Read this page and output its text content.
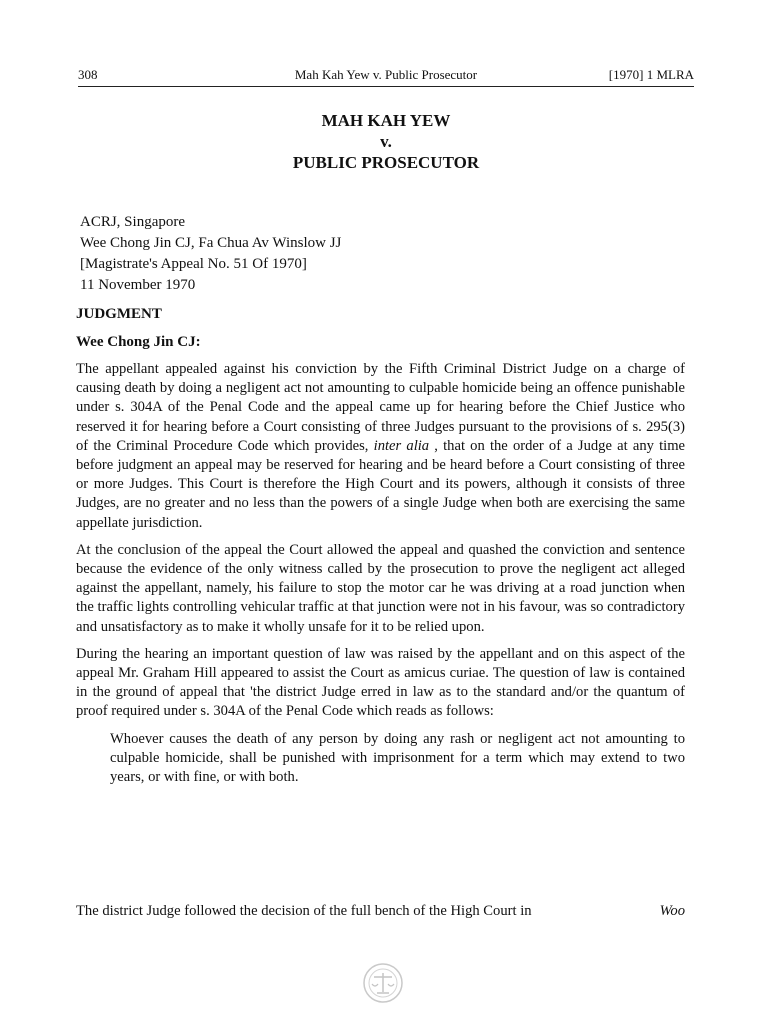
308	Mah Kah Yew v. Public Prosecutor	[1970] 1 MLRA
MAH KAH YEW
v.
PUBLIC PROSECUTOR
ACRJ, Singapore
Wee Chong Jin CJ, Fa Chua Av Winslow JJ
[Magistrate's Appeal No. 51 Of 1970]
11 November 1970
JUDGMENT
Wee Chong Jin CJ:

The appellant appealed against his conviction by the Fifth Criminal District Judge on a charge of causing death by doing a negligent act not amounting to culpable homicide being an offence punishable under s. 304A of the Penal Code and the appeal came up for hearing before the Chief Justice who reserved it for hearing before a Court consisting of three Judges pursuant to the provisions of s. 295(3) of the Criminal Procedure Code which provides, inter alia , that on the order of a Judge at any time before judgment an appeal may be reserved for hearing and be heard before a Court consisting of three or more Judges. This Court is therefore the High Court and its powers, although it consists of three Judges, are no greater and no less than the powers of a single Judge when both are exercising the same appellate jurisdiction.

At the conclusion of the appeal the Court allowed the appeal and quashed the conviction and sentence because the evidence of the only witness called by the prosecution to prove the negligent act alleged against the appellant, namely, his failure to stop the motor car he was driving at a road junction when the traffic lights controlling vehicular traffic at that junction were not in his favour, was so contradictory and unsatisfactory as to make it wholly unsafe for it to be relied upon.

During the hearing an important question of law was raised by the appellant and on this aspect of the appeal Mr. Graham Hill appeared to assist the Court as amicus curiae. The question of law is contained in the ground of appeal that 'the district Judge erred in law as to the standard and/or the quantum of proof required under s. 304A of the Penal Code which reads as follows:

Whoever causes the death of any person by doing any rash or negligent act not amounting to culpable homicide, shall be punished with imprisonment for a term which may extend to two years, or with fine, or with both.
The district Judge followed the decision of the full bench of the High Court in	Woo
